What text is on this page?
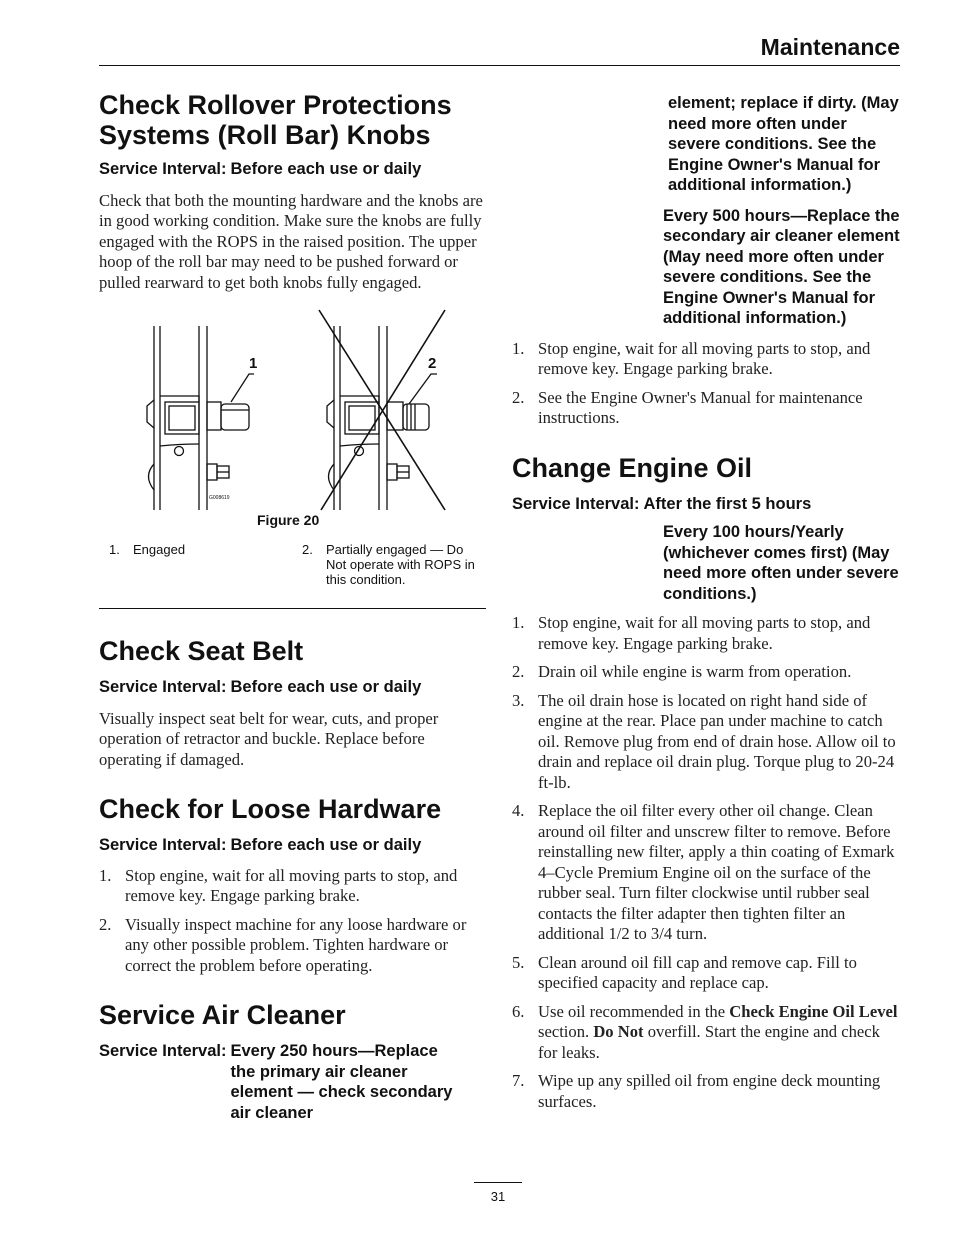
Maintenance
Check Rollover Protections Systems (Roll Bar) Knobs
Service Interval: Before each use or daily

Check that both the mounting hardware and the knobs are in good working condition. Make sure the knobs are fully engaged with the ROPS in the raised position. The upper hoop of the roll bar may need to be pushed forward or pulled rearward to get both knobs fully engaged.

1	2
G008619
Figure 20
1. Engaged	2. Partially engaged — Do Not operate with ROPS in this condition.
Check Seat Belt
Service Interval: Before each use or daily

Visually inspect seat belt for wear, cuts, and proper operation of retractor and buckle. Replace before operating if damaged.

Check for Loose Hardware
Service Interval: Before each use or daily
1. Stop engine, wait for all moving parts to stop, and remove key. Engage parking brake.
2. Visually inspect machine for any loose hardware or any other possible problem. Tighten hardware or correct the problem before operating.
Service Air Cleaner
Service Interval: Every 250 hours—Replace the primary air cleaner element — check secondary air cleaner
element; replace if dirty. (May need more often under severe conditions. See the Engine Owner's Manual for additional information.)
Every 500 hours—Replace the secondary air cleaner element (May need more often under severe conditions. See the Engine Owner's Manual for additional information.)
1. Stop engine, wait for all moving parts to stop, and remove key. Engage parking brake.
2. See the Engine Owner's Manual for maintenance instructions.
Change Engine Oil
Service Interval: After the first 5 hours
Every 100 hours/Yearly (whichever comes first) (May need more often under severe conditions.)
1. Stop engine, wait for all moving parts to stop, and remove key. Engage parking brake.
2. Drain oil while engine is warm from operation.
3. The oil drain hose is located on right hand side of engine at the rear. Place pan under machine to catch oil. Remove plug from end of drain hose. Allow oil to drain and replace oil drain plug. Torque plug to 20-24 ft-lb.
4. Replace the oil filter every other oil change. Clean around oil filter and unscrew filter to remove. Before reinstalling new filter, apply a thin coating of Exmark 4–Cycle Premium Engine oil on the surface of the rubber seal. Turn filter clockwise until rubber seal contacts the filter adapter then tighten filter an additional 1/2 to 3/4 turn.
5. Clean around oil fill cap and remove cap. Fill to specified capacity and replace cap.
6. Use oil recommended in the Check Engine Oil Level section. Do Not overfill. Start the engine and check for leaks.
7. Wipe up any spilled oil from engine deck mounting surfaces.
31
